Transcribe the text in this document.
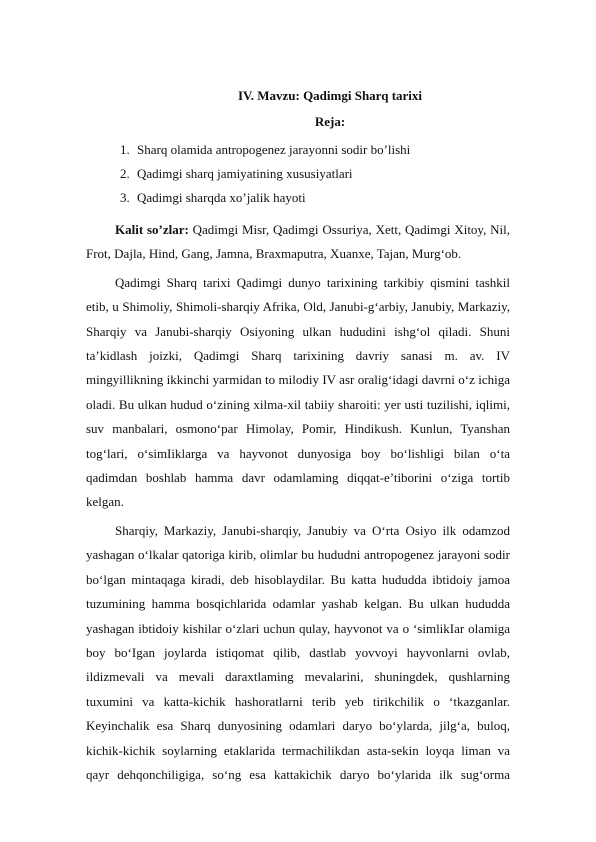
IV. Mavzu: Qadimgi Sharq tarixi
Reja:
1. Sharq olamida antropogenez jarayonni sodir bo’lishi
2. Qadimgi sharq jamiyatining xususiyatlari
3. Qadimgi sharqda xo’jalik hayoti

Kalit so’zlar: Qadimgi Misr, Qadimgi Ossuriya, Xett, Qadimgi Xitoy, Nil, Frot, Dajla, Hind, Gang, Jamna, Braxmaputra, Xuanxe, Tajan, Murg‘ob.

Qadimgi Sharq tarixi Qadimgi dunyo tarixining tarkibiy qismini tashkil etib, u Shimoliy, Shimoli-sharqiy Afrika, Old, Janubi-g‘arbiy, Janubiy, Markaziy, Sharqiy va Janubi-sharqiy Osiyoning ulkan hududini ishg‘ol qiladi. Shuni ta’kidlash joizki, Qadimgi Sharq tarixining davriy sanasi m. av. IV mingyillikning ikkinchi yarmidan to milodiy IV asr oralig‘idagi davrni o‘z ichiga oladi. Bu ulkan hudud o‘zining xilma-xil tabiiy sharoiti: yer usti tuzilishi, iqlimi, suv manbalari, osmono‘par Himolay, Pomir, Hindikush. Kunlun, Tyanshan tog‘lari, o‘simIiklarga va hayvonot dunyosiga boy bo‘lishligi bilan o‘ta qadimdan boshlab hamma davr odamlaming diqqat-e’tiborini o‘ziga tortib kelgan.

Sharqiy, Markaziy, Janubi-sharqiy, Janubiy va O‘rta Osiyo ilk odamzod yashagan o‘lkalar qatoriga kirib, olimlar bu hududni antropogenez jarayoni sodir bo‘lgan mintaqaga kiradi, deb hisoblaydilar. Bu katta hududda ibtidoiy jamoa tuzumining hamma bosqichlarida odamlar yashab kelgan. Bu ulkan hududda yashagan ibtidoiy kishilar o‘zlari uchun qulay, hayvonot va o ‘simlikIar olamiga boy bo‘Igan joylarda istiqomat qilib, dastlab yovvoyi hayvonlarni ovlab, ildizmevali va mevali daraxtlaming mevalarini, shuningdek, qushlarning tuxumini va katta-kichik hashoratlarni terib yeb tirikchilik o ‘tkazganlar. Keyinchalik esa Sharq dunyosining odamlari daryo bo‘ylarda, jilg‘a, buloq, kichik-kichik soylarning etaklarida termachilikdan asta-sekin loyqa liman va qayr dehqonchiligiga, so‘ng esa kattakichik daryo bo‘ylarida ilk sug‘orma
